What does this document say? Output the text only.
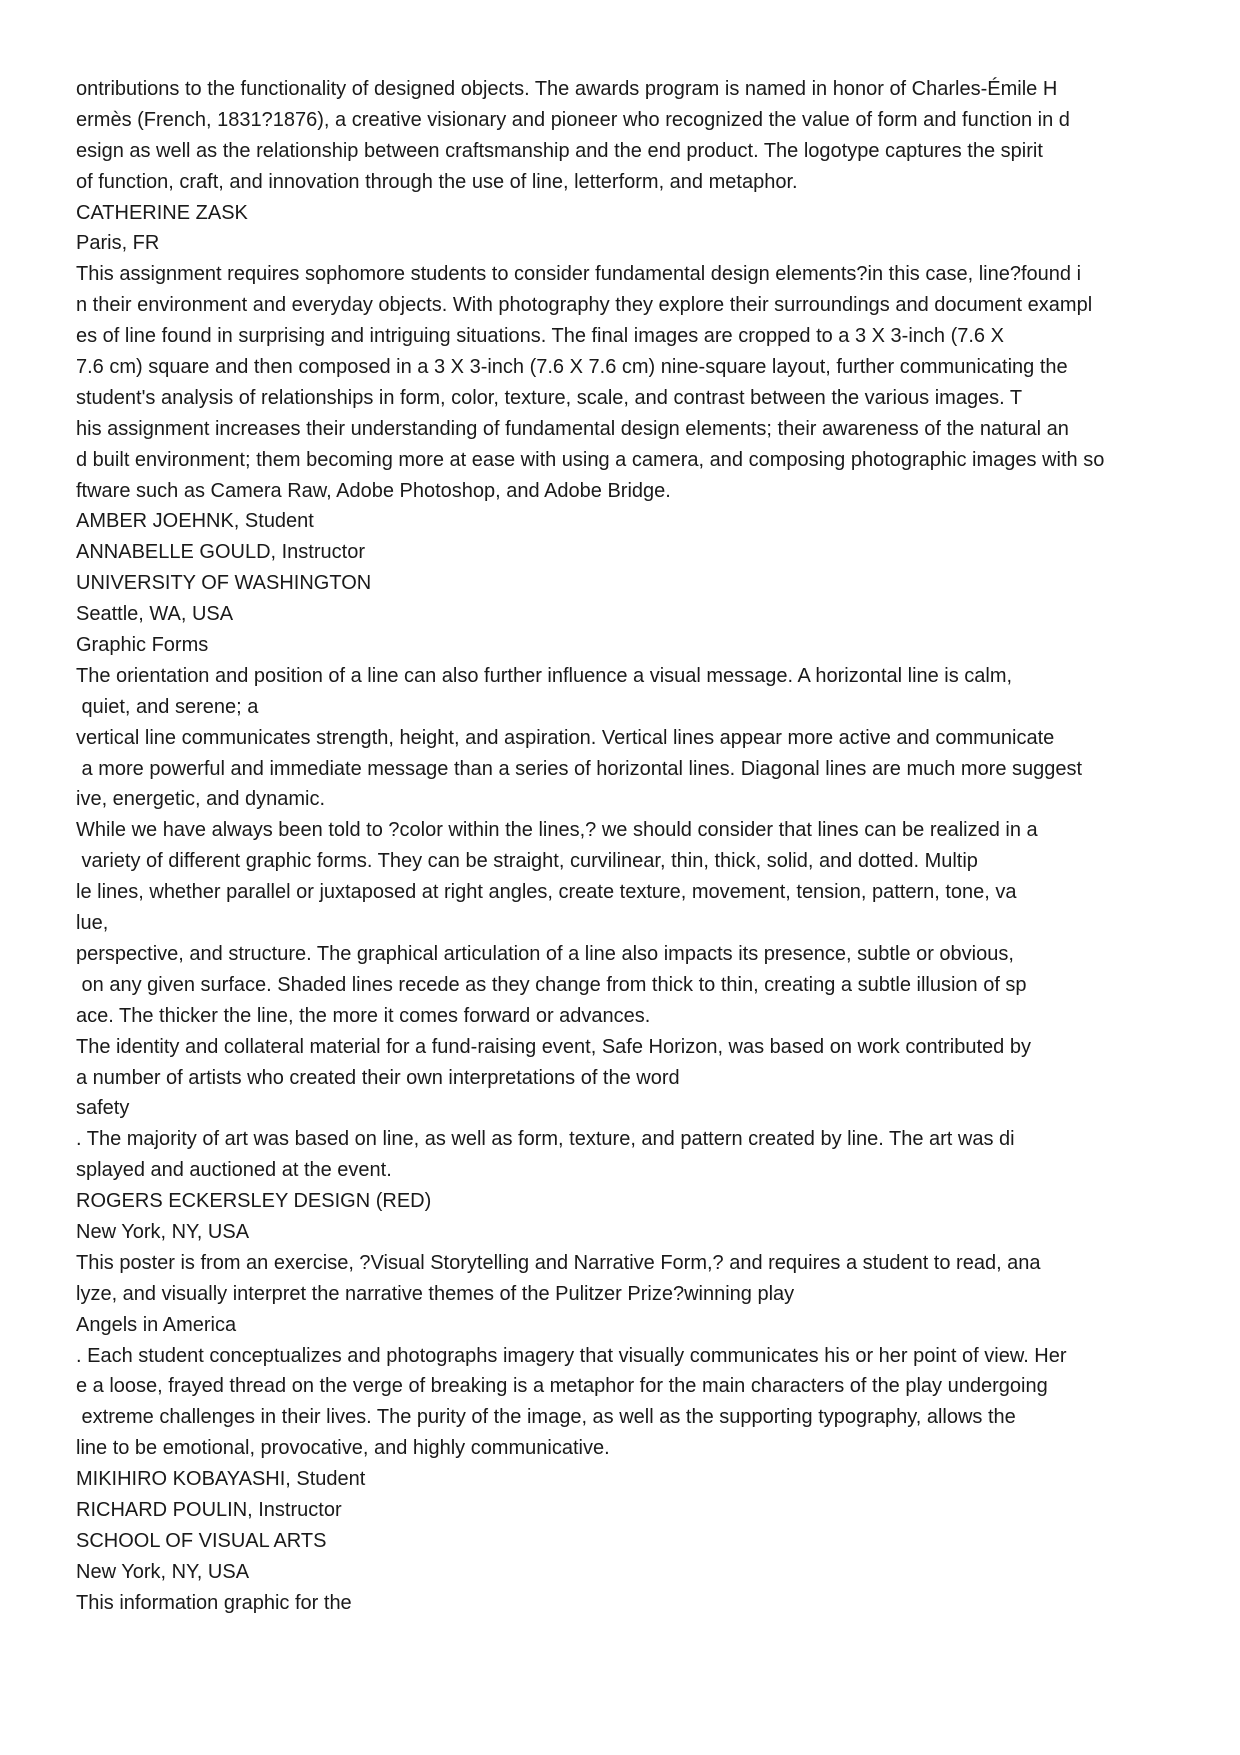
ontributions to the functionality of designed objects. The awards program is named in honor of Charles-Émile H
ermès (French, 1831?1876), a creative visionary and pioneer who recognized the value of form and function in d
esign as well as the relationship between craftsmanship and the end product. The logotype captures the spirit
of function, craft, and innovation through the use of line, letterform, and metaphor.
CATHERINE ZASK
Paris, FR
This assignment requires sophomore students to consider fundamental design elements?in this case, line?found i
n their environment and everyday objects. With photography they explore their surroundings and document exampl
es of line found in surprising and intriguing situations. The final images are cropped to a 3 X 3-inch (7.6 X
7.6 cm) square and then composed in a 3 X 3-inch (7.6 X 7.6 cm) nine-square layout, further communicating the
student's analysis of relationships in form, color, texture, scale, and contrast between the various images. T
his assignment increases their understanding of fundamental design elements; their awareness of the natural an
d built environment; them becoming more at ease with using a camera, and composing photographic images with so
ftware such as Camera Raw, Adobe Photoshop, and Adobe Bridge.
AMBER JOEHNK, Student
ANNABELLE GOULD, Instructor
UNIVERSITY OF WASHINGTON
Seattle, WA, USA
Graphic Forms
The orientation and position of a line can also further influence a visual message. A horizontal line is calm,
quiet, and serene; a
vertical line communicates strength, height, and aspiration. Vertical lines appear more active and communicate
a more powerful and immediate message than a series of horizontal lines. Diagonal lines are much more suggest
ive, energetic, and dynamic.
While we have always been told to ?color within the lines,? we should consider that lines can be realized in a
variety of different graphic forms. They can be straight, curvilinear, thin, thick, solid, and dotted. Multip
le lines, whether parallel or juxtaposed at right angles, create texture, movement, tension, pattern, tone, va
lue,
perspective, and structure. The graphical articulation of a line also impacts its presence, subtle or obvious,
on any given surface. Shaded lines recede as they change from thick to thin, creating a subtle illusion of sp
ace. The thicker the line, the more it comes forward or advances.
The identity and collateral material for a fund-raising event, Safe Horizon, was based on work contributed by
a number of artists who created their own interpretations of the word
safety
. The majority of art was based on line, as well as form, texture, and pattern created by line. The art was di
splayed and auctioned at the event.
ROGERS ECKERSLEY DESIGN (RED)
New York, NY, USA
This poster is from an exercise, ?Visual Storytelling and Narrative Form,? and requires a student to read, ana
lyze, and visually interpret the narrative themes of the Pulitzer Prize?winning play
Angels in America
. Each student conceptualizes and photographs imagery that visually communicates his or her point of view. Her
e a loose, frayed thread on the verge of breaking is a metaphor for the main characters of the play undergoing
extreme challenges in their lives. The purity of the image, as well as the supporting typography, allows the
line to be emotional, provocative, and highly communicative.
MIKIHIRO KOBAYASHI, Student
RICHARD POULIN, Instructor
SCHOOL OF VISUAL ARTS
New York, NY, USA
This information graphic for the
